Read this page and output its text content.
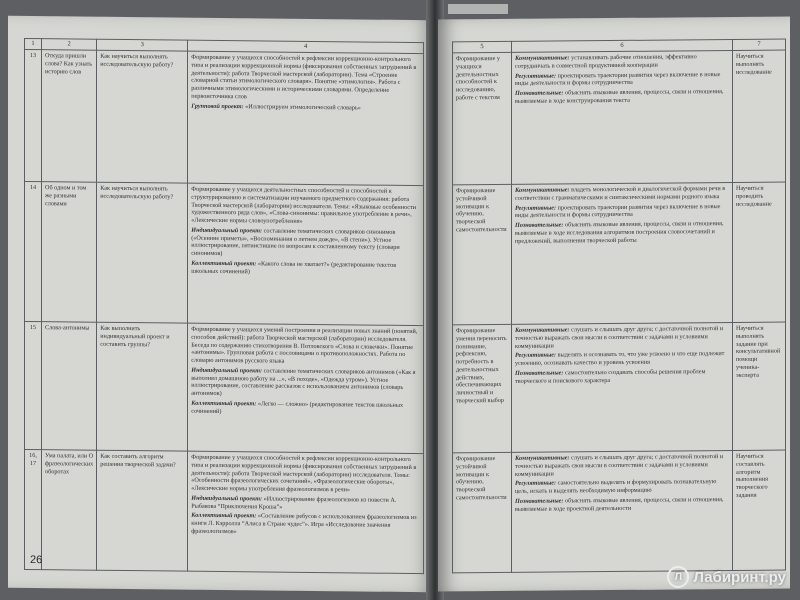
1	2	3	4
13	Откуда пришли слова? Как узнать историю слов	Как научиться выполнять исследовательскую работу?	Формирование у учащихся способностей к рефлексии коррекционно-контрольного типа и реализации коррекционной нормы (фиксирования собственных затруднений в деятельности): работа Творческой мастерской (лаборатории). Тема «Строение словарной статьи этимологического словаря». Понятие «этимология». Работа с различными этимологическими и историческими словарями. Определение первоисточника слов
Групповой проект: «Иллюстрируем этимологический словарь»

14	Об одном и том же разными словами	Как научиться выполнять исследовательскую работу?	Формирование у учащихся деятельностных способностей и способностей к структурированию и систематизации изучаемого предметного содержания: работа Творческой мастерской (лаборатории) исследователя. Темы: «Языковые особенности художественного ряда слов», «Слова-синонимы: правильное употребление в речи», «Лексические нормы словоупотребления»
Индивидуальный проект: составление тематических словариков синонимов («Осенние приметы», «Воспоминания о летнем дожде», «В степи»). Устное иллюстрирование, пятиистишие по вопросам к составленному тексту (словари синонимов)
Коллективный проект: «Какого слова не хватает?» (редактирование текстов школьных сочинений)

15	Слова-антонимы	Как выполнить индивидуальный проект и составить группы?	Формирование у учащихся умений построения и реализации новых знаний (понятий, способов действий): работа Творческой мастерской (лаборатории) исследователя. Беседа по содержанию стихотворения В. Потловского «Слова и словечки». Понятие «антонимы». Групповая работа с пословицами о противоположностях. Работа по словарю антонимов русского языка
Индивидуальный проект: составление тематических словариков антонимов («Как я выполнял домашнюю работу на ...», «В походе», «Одежда утром»). Устное иллюстрирование, составление рассказов с использованием антонимов (словарь антонимов)
Коллективный проект: «Легко — сложно» (редактирование текстов школьных сочинений)

16, 17	Ума палата, или О фразеологических оборотах	Как составить алгоритм решения творческой задачи?	Формирование у учащихся способностей к рефлексии коррекционно-контрольного типа и реализации коррекционной нормы (фиксирования собственных затруднений в деятельности): работа Творческой мастерской (лаборатории) исследователя. Темы: «Особенности фразеологических сочетаний», «Фразеологические обороты», «Лексические нормы употребления фразеологизмов в речи»
Индивидуальный проект: «Иллюстрирование фразеологизмов из повести А. Рыбакова “Приключения Кроша”»
Коллективный проект: «Составление ребусов с использованием фразеологизмов из книги Л. Кэрролла “Алиса в Стране чудес”». Игра «Исследование значения фразеологизмов»
26
5	6	7
Формирование у учащихся деятельностных способностей к исследованию, работе с текстом	Коммуникативные: устанавливать рабочие отношения, эффективно сотрудничать в совместной продуктивной кооперации
Регулятивные: проектировать траектории развития через включение в новые виды деятельности и формы сотрудничества
Познавательные: объяснять языковые явления, процессы, связи и отношения, выявляемые в ходе конструирования текста	Научиться выполнять исследование
Формирование устойчивой мотивации к обучению, творческой самостоятельности	Коммуникативные: владеть монологической и диалогической формами речи в соответствии с грамматическими и синтаксическими нормами родного языка
Регулятивные: проектировать траектории развития через включение в новые виды деятельности и формы сотрудничества
Познавательные: объяснять языковые явления, процессы, связи и отношения, выявляемые в ходе исследования алгоритмов построения словосочетаний и предложений, выполнения творческой работы	Научиться проводить исследование
Формирование умения переносить понимание, рефлексию, потребность в деятельностных действиях, обеспечивающих личностный и творческий выбор	Коммуникативные: слушать и слышать друг друга; с достаточной полнотой и точностью выражать свои мысли в соответствии с задачами и условиями коммуникации
Регулятивные: выделять и осознавать то, что уже усвоено и что еще подлежит усвоению, осознавать качество и уровень усвоения
Познавательные: самостоятельно создавать способы решения проблем творческого и поискового характера	Научиться выполнять задание при консультативной помощи ученика-эксперта
Формирование устойчивой мотивации к обучению, творческой самостоятельности	Коммуникативные: слушать и слышать друг друга; с достаточной полнотой и точностью выражать свои мысли в соответствии с задачами и условиями коммуникации
Регулятивные: самостоятельно выделять и формулировать познавательную цель, искать и выделять необходимую информацию
Познавательные: объяснять языковые явления, процессы, связи и отношения, выявляемые в ходе проектной деятельности	Научиться составлять алгоритм выполнения творческого задания
Л Лабиринт.ру
